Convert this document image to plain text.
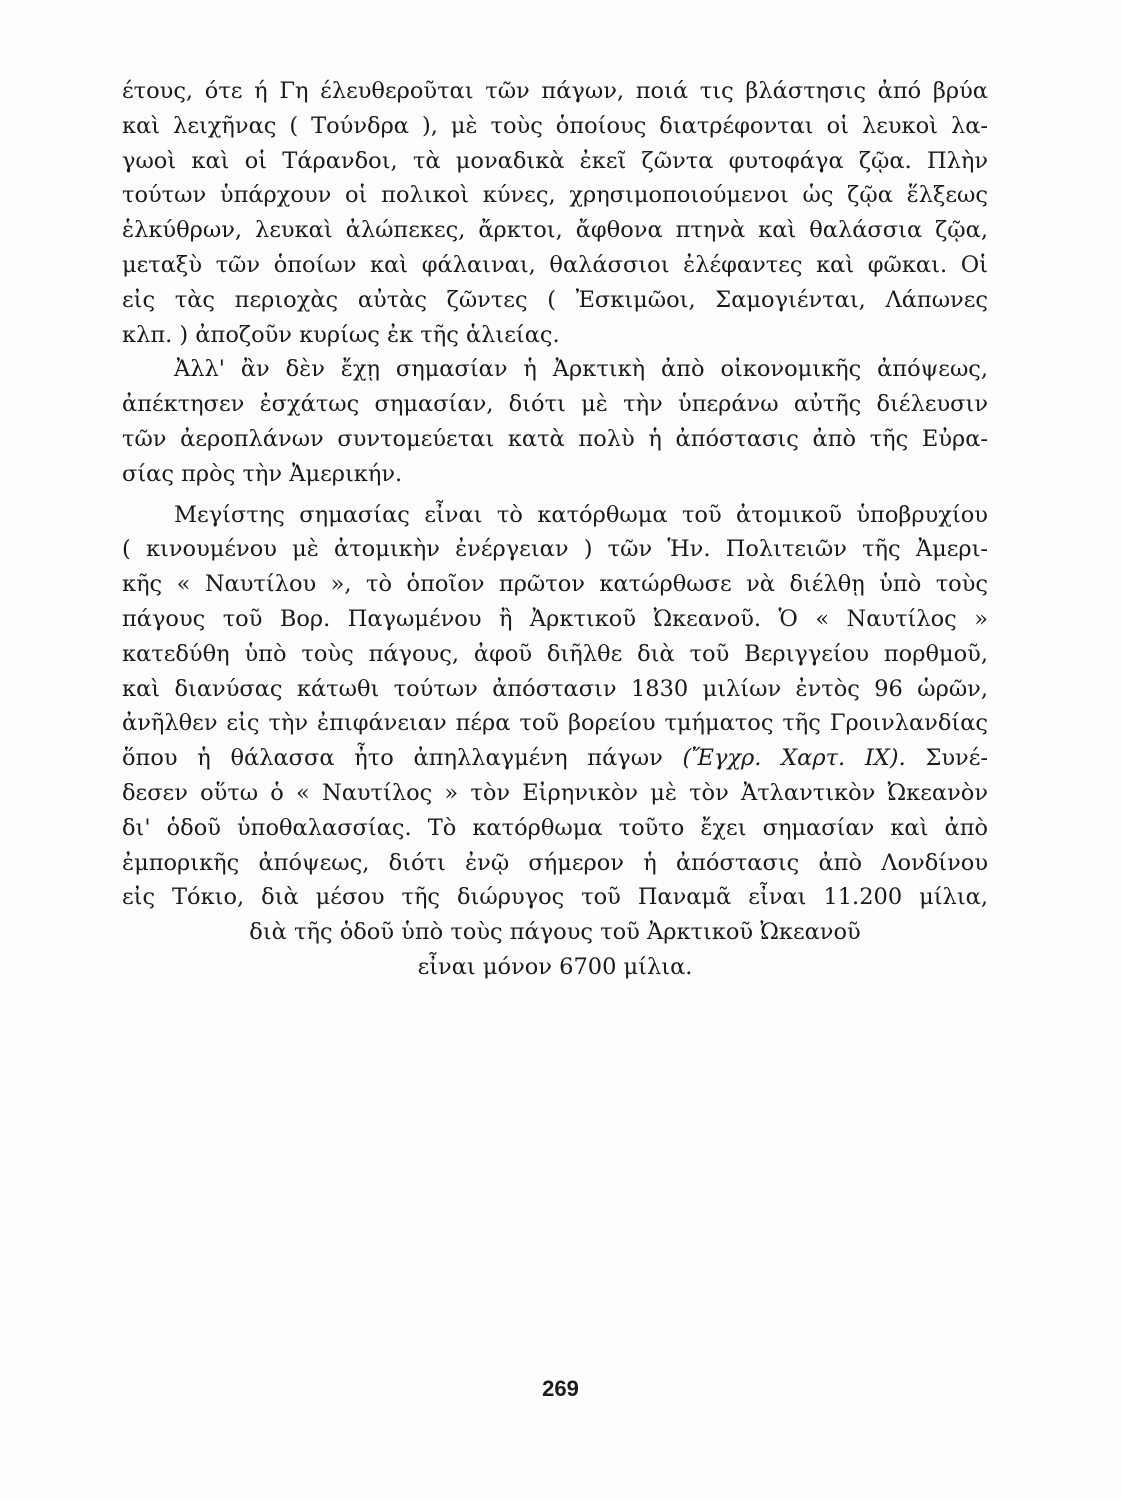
έτους, ότε ή Γη έλευθεροῦται τῶν πάγων, ποιά τις βλάστησις ἀπό βρύα
καὶ λειχῆνας ( Τούνδρα ), μὲ τοὺς ὁποίους διατρέφονται οἱ λευκοὶ λα-
γωοὶ καὶ οἱ Τάρανδοι, τὰ μοναδικὰ ἐκεῖ ζῶντα φυτοφάγα ζῷα. Πλὴν
τούτων ὑπάρχουν οἱ πολικοὶ κύνες, χρησιμοποιούμενοι ὡς ζῷα ἕλξεως
ἑλκύθρων, λευκαὶ ἀλώπεκες, ἄρκτοι, ἄφθονα πτηνὰ καὶ θαλάσσια ζῷα,
μεταξὺ τῶν ὁποίων καὶ φάλαιναι, θαλάσσιοι ἐλέφαντες καὶ φῶκαι. Οἱ
εἰς τὰς περιοχὰς αὐτὰς ζῶντες ( Ἐσκιμῶοι, Σαμογιένται, Λάπωνες
κλπ. ) ἀποζοῦν κυρίως ἐκ τῆς ἁλιείας.
Ἀλλ' ἂν δὲν ἔχῃ σημασίαν ἡ Ἀρκτικὴ ἀπὸ οἰκονομικῆς ἀπόψεως,
ἀπέκτησεν ἐσχάτως σημασίαν, διότι μὲ τὴν ὑπεράνω αὐτῆς διέλευσιν
τῶν ἀεροπλάνων συντομεύεται κατὰ πολὺ ἡ ἀπόστασις ἀπὸ τῆς Εὐρα-
σίας πρὸς τὴν Ἀμερικήν.
Μεγίστης σημασίας εἶναι τὸ κατόρθωμα τοῦ ἀτομικοῦ ὑποβρυχίου
( κινουμένου μὲ ἀτομικὴν ἐνέργειαν ) τῶν Ἡν. Πολιτειῶν τῆς Ἀμερι-
κῆς « Ναυτίλου », τὸ ὁποῖον πρῶτον κατώρθωσε νὰ διέλθῃ ὑπὸ τοὺς
πάγους τοῦ Βορ. Παγωμένου ἢ Ἀρκτικοῦ Ὠκεανοῦ. Ὁ « Ναυτίλος »
κατεδύθη ὑπὸ τοὺς πάγους, ἀφοῦ διῆλθε διὰ τοῦ Βεριγγείου πορθμοῦ,
καὶ διανύσας κάτωθι τούτων ἀπόστασιν 1830 μιλίων ἐντὸς 96 ὡρῶν,
ἀνῆλθεν εἰς τὴν ἐπιφάνειαν πέρα τοῦ βορείου τμήματος τῆς Γροινλανδίας
ὅπου ἡ θάλασσα ἦτο ἀπηλλαγμένη πάγων (Ἔγχρ. Χαρτ. IX). Συνέ-
δεσεν οὕτω ὁ « Ναυτίλος » τὸν Εἰρηνικὸν μὲ τὸν Ἀτλαντικὸν Ὠκεανὸν
δι' ὁδοῦ ὑποθαλασσίας. Τὸ κατόρθωμα τοῦτο ἔχει σημασίαν καὶ ἀπὸ
ἐμπορικῆς ἀπόψεως, διότι ἐνῷ σήμερον ἡ ἀπόστασις ἀπὸ Λονδίνου
εἰς Τόκιο, διὰ μέσου τῆς διώρυγος τοῦ Παναμᾶ εἶναι 11.200 μίλια,
διὰ τῆς ὁδοῦ ὑπὸ τοὺς πάγους τοῦ Ἀρκτικοῦ Ὠκεανοῦ
εἶναι μόνον 6700 μίλια.
269
